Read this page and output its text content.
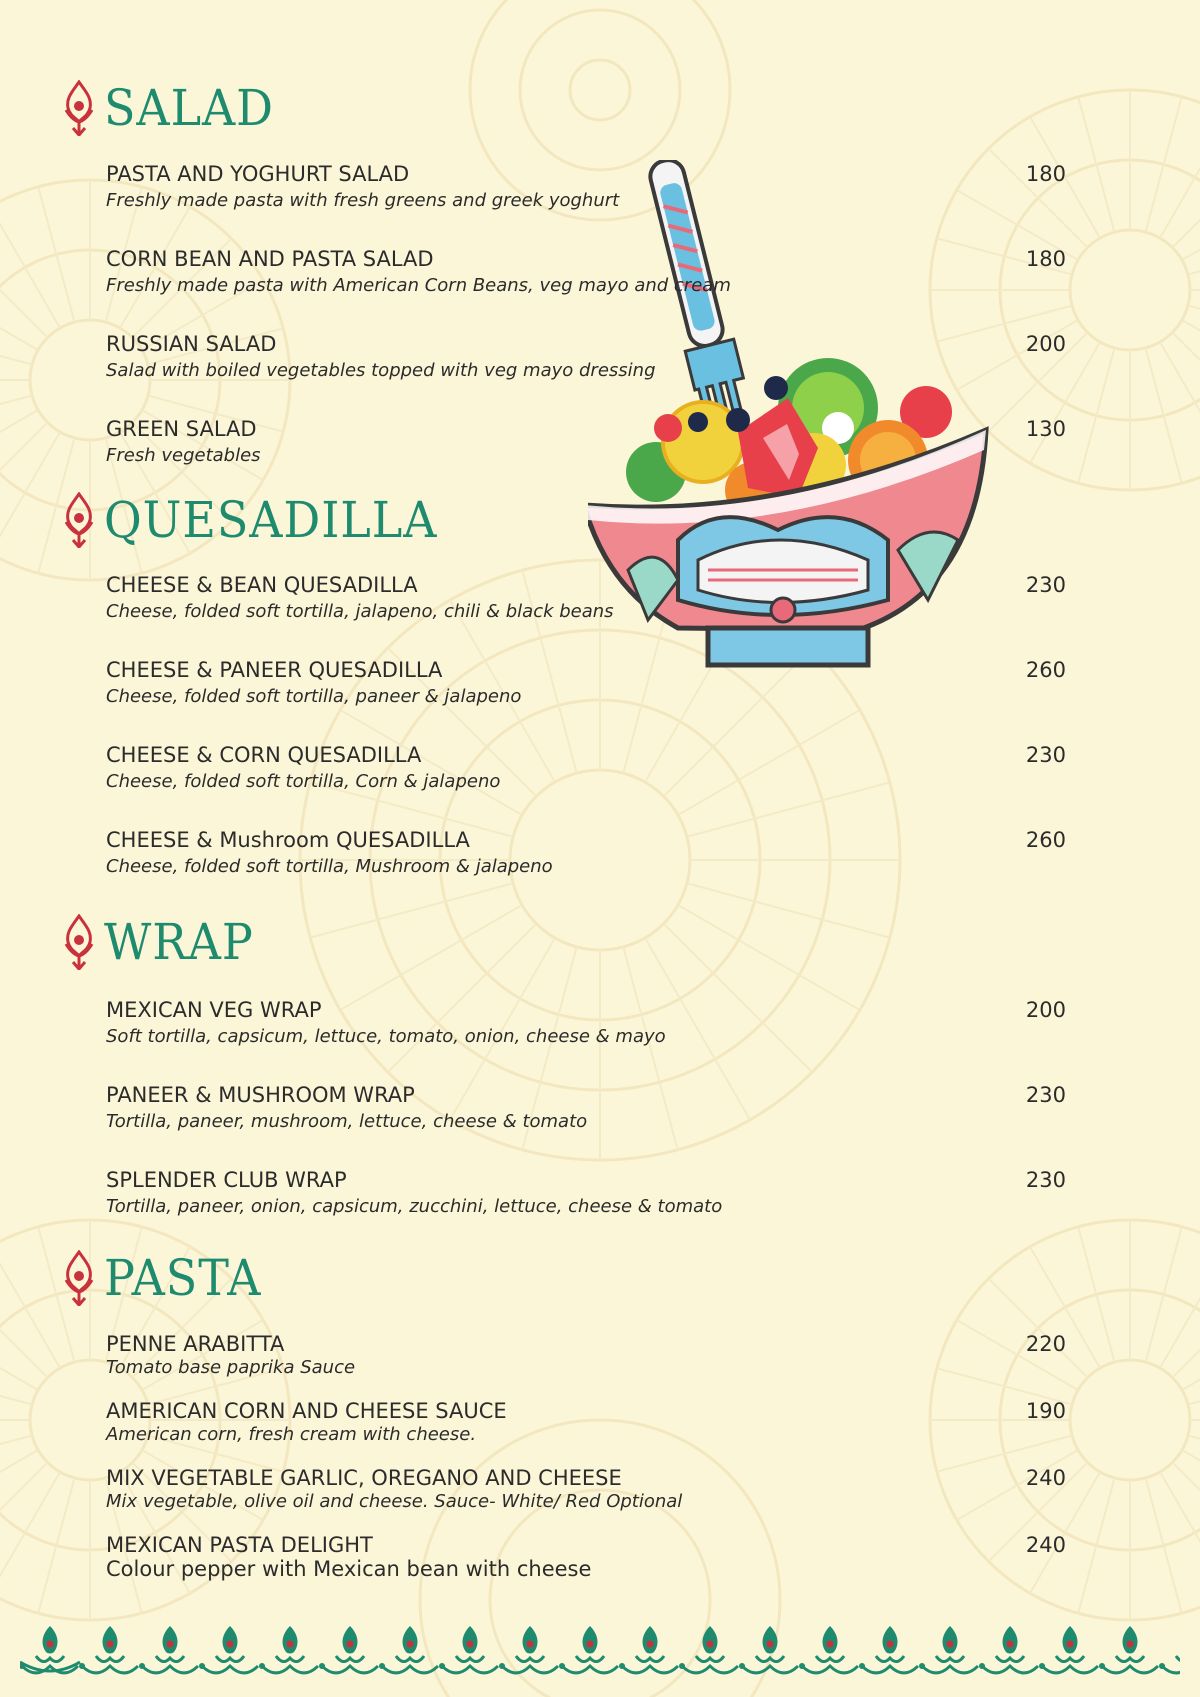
SALAD
PASTA AND YOGHURT SALAD
Freshly made pasta with fresh greens and greek yoghurt
180
CORN BEAN AND PASTA SALAD
Freshly made pasta with American Corn Beans, veg mayo and cream
180
RUSSIAN SALAD
Salad with boiled vegetables topped with veg mayo dressing
200
GREEN SALAD
Fresh vegetables
130
QUESADILLA
CHEESE & BEAN QUESADILLA
Cheese, folded soft tortilla, jalapeno, chili & black beans
230
CHEESE & PANEER QUESADILLA
Cheese, folded soft tortilla, paneer & jalapeno
260
CHEESE & CORN QUESADILLA
Cheese, folded soft tortilla, Corn & jalapeno
230
CHEESE & Mushroom QUESADILLA
Cheese, folded soft tortilla, Mushroom & jalapeno
260
WRAP
MEXICAN VEG WRAP
Soft tortilla, capsicum, lettuce, tomato, onion, cheese & mayo
200
PANEER & MUSHROOM WRAP
Tortilla, paneer, mushroom, lettuce, cheese & tomato
230
SPLENDER CLUB WRAP
Tortilla, paneer, onion, capsicum, zucchini, lettuce, cheese & tomato
230
PASTA
PENNE ARABITTA
Tomato base paprika Sauce
220
AMERICAN CORN AND CHEESE SAUCE
American corn, fresh cream with cheese.
190
MIX VEGETABLE GARLIC, OREGANO AND CHEESE
Mix vegetable, olive oil and cheese. Sauce- White/ Red Optional
240
MEXICAN PASTA DELIGHT
Colour pepper with Mexican bean with cheese
240
